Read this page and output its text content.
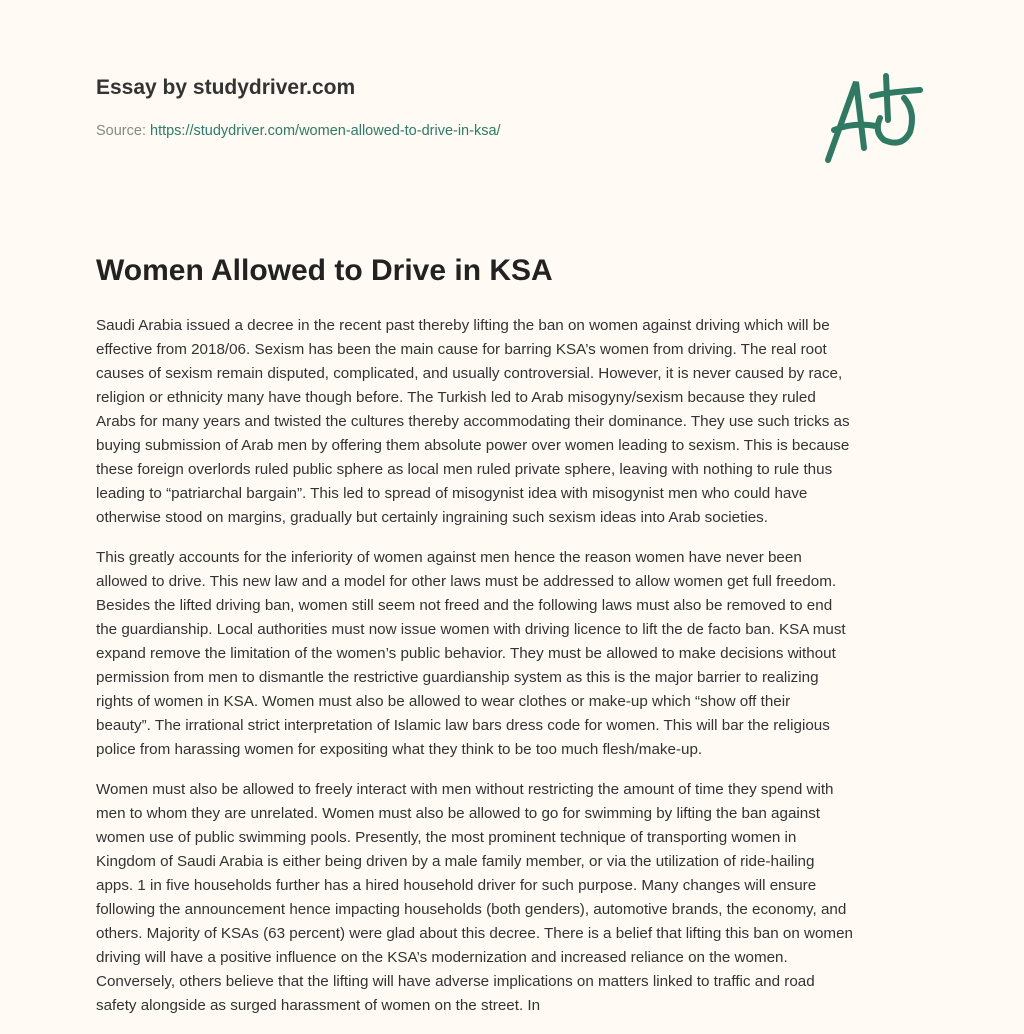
Essay by studydriver.com
Source: https://studydriver.com/women-allowed-to-drive-in-ksa/
Women Allowed to Drive in KSA

Saudi Arabia issued a decree in the recent past thereby lifting the ban on women against driving which will be
effective from 2018/06. Sexism has been the main cause for barring KSA’s women from driving. The real root
causes of sexism remain disputed, complicated, and usually controversial. However, it is never caused by race,
religion or ethnicity many have though before. The Turkish led to Arab misogyny/sexism because they ruled
Arabs for many years and twisted the cultures thereby accommodating their dominance. They use such tricks as
buying submission of Arab men by offering them absolute power over women leading to sexism. This is because
these foreign overlords ruled public sphere as local men ruled private sphere, leaving with nothing to rule thus
leading to “patriarchal bargain”. This led to spread of misogynist idea with misogynist men who could have
otherwise stood on margins, gradually but certainly ingraining such sexism ideas into Arab societies.

This greatly accounts for the inferiority of women against men hence the reason women have never been
allowed to drive. This new law and a model for other laws must be addressed to allow women get full freedom.
Besides the lifted driving ban, women still seem not freed and the following laws must also be removed to end
the guardianship. Local authorities must now issue women with driving licence to lift the de facto ban. KSA must
expand remove the limitation of the women’s public behavior. They must be allowed to make decisions without
permission from men to dismantle the restrictive guardianship system as this is the major barrier to realizing
rights of women in KSA. Women must also be allowed to wear clothes or make-up which “show off their
beauty”. The irrational strict interpretation of Islamic law bars dress code for women. This will bar the religious
police from harassing women for expositing what they think to be too much flesh/make-up.

Women must also be allowed to freely interact with men without restricting the amount of time they spend with
men to whom they are unrelated. Women must also be allowed to go for swimming by lifting the ban against
women use of public swimming pools. Presently, the most prominent technique of transporting women in
Kingdom of Saudi Arabia is either being driven by a male family member, or via the utilization of ride-hailing
apps. 1 in five households further has a hired household driver for such purpose. Many changes will ensure
following the announcement hence impacting households (both genders), automotive brands, the economy, and
others. Majority of KSAs (63 percent) were glad about this decree. There is a belief that lifting this ban on women
driving will have a positive influence on the KSA’s modernization and increased reliance on the women.
Conversely, others believe that the lifting will have adverse implications on matters linked to traffic and road
safety alongside as surged harassment of women on the street. In
